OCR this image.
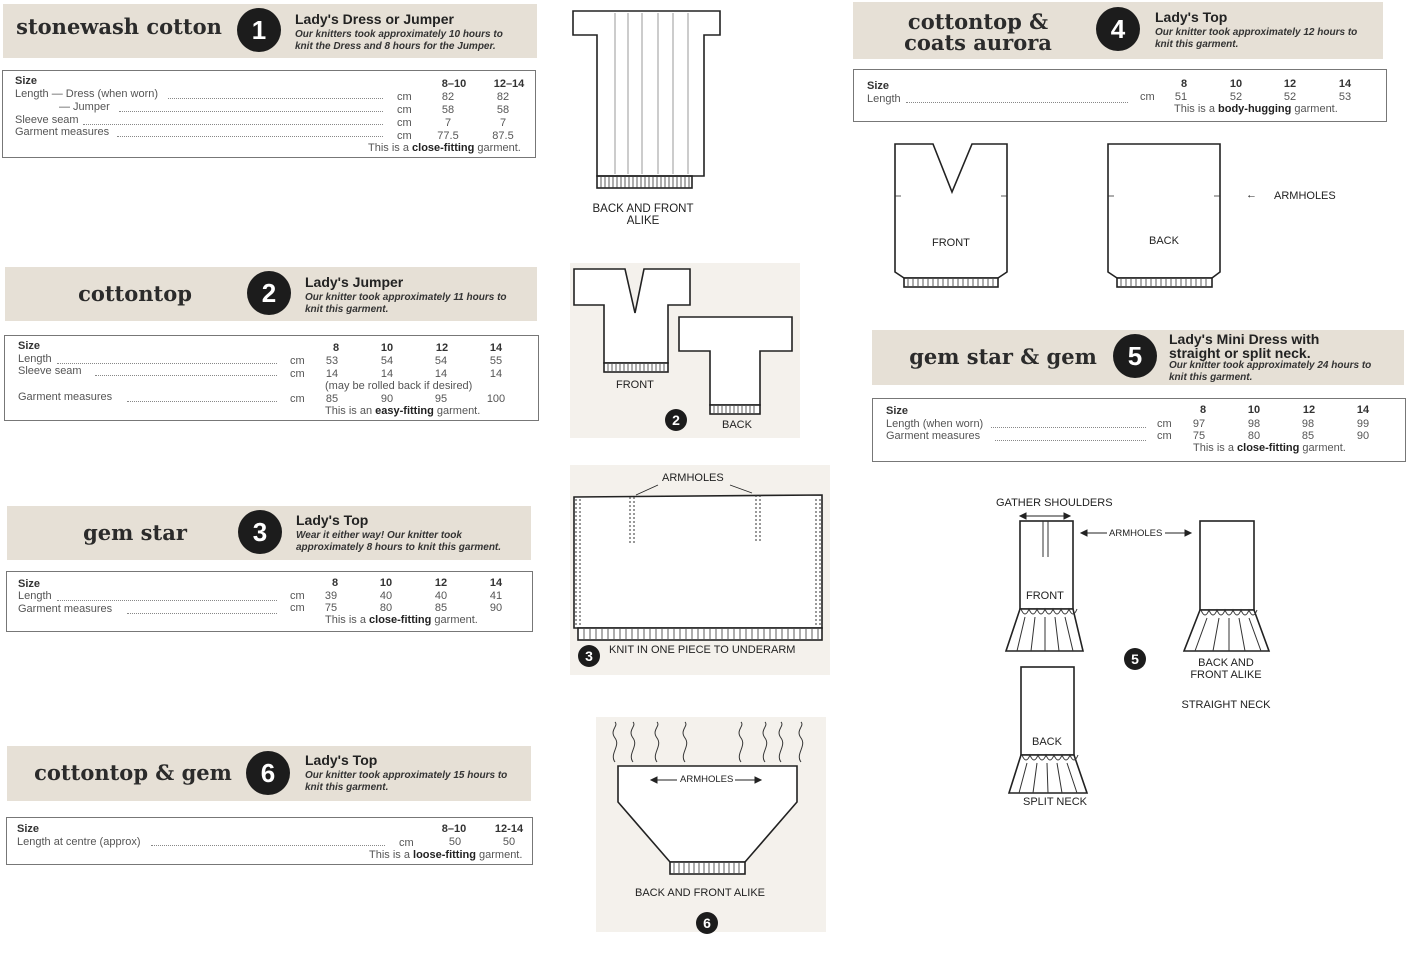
stonewash cotton	1	Lady's Dress or Jumper
Our knitters took approximately 10 hours to
knit the Dress and 8 hours for the Jumper.
Size	8–10	12–14
Length — Dress (when worn)	cm	82	82
— Jumper	cm	58	58
Sleeve seam	cm	7	7
Garment measures	cm	77.5	87.5
This is a close-fitting garment.
cottontop	2	Lady's Jumper
Our knitter took approximately 11 hours to
knit this garment.
Size	8	10	12	14
Length	cm	53	54	54	55
Sleeve seam	cm	14	14	14	14
(may be rolled back if desired)
Garment measures	cm	85	90	95	100
This is an easy-fitting garment.
gem star	3	Lady's Top
Wear it either way! Our knitter took
approximately 8 hours to knit this garment.
Size	8	10	12	14
Length	cm	39	40	40	41
Garment measures	cm	75	80	85	90
This is a close-fitting garment.
cottontop & gem	6	Lady's Top
Our knitter took approximately 15 hours to
knit this garment.
Size	8–10	12-14
Length at centre (approx)	cm	50	50
This is a loose-fitting garment.
cottontop &
coats aurora	4	Lady's Top
Our knitter took approximately 12 hours to
knit this garment.
Size	8	10	12	14
Length	cm	51	52	52	53
This is a body-hugging garment.
gem star & gem	5
Lady's Mini Dress with
straight or split neck.
Our knitter took approximately 24 hours to
knit this garment.
Size	8	10	12	14
Length (when worn)	cm	97	98	98	99
Garment measures	cm	75	80	85	90
This is a close-fitting garment.
BACK AND FRONT
ALIKE
FRONT
BACK
2
ARMHOLES
3	KNIT IN ONE PIECE TO UNDERARM
ARMHOLES
BACK AND FRONT ALIKE
6
FRONT	BACK
← ARMHOLES
GATHER SHOULDERS
ARMHOLES
FRONT
BACK AND
FRONT ALIKE
STRAIGHT NECK
5
BACK
SPLIT NECK
